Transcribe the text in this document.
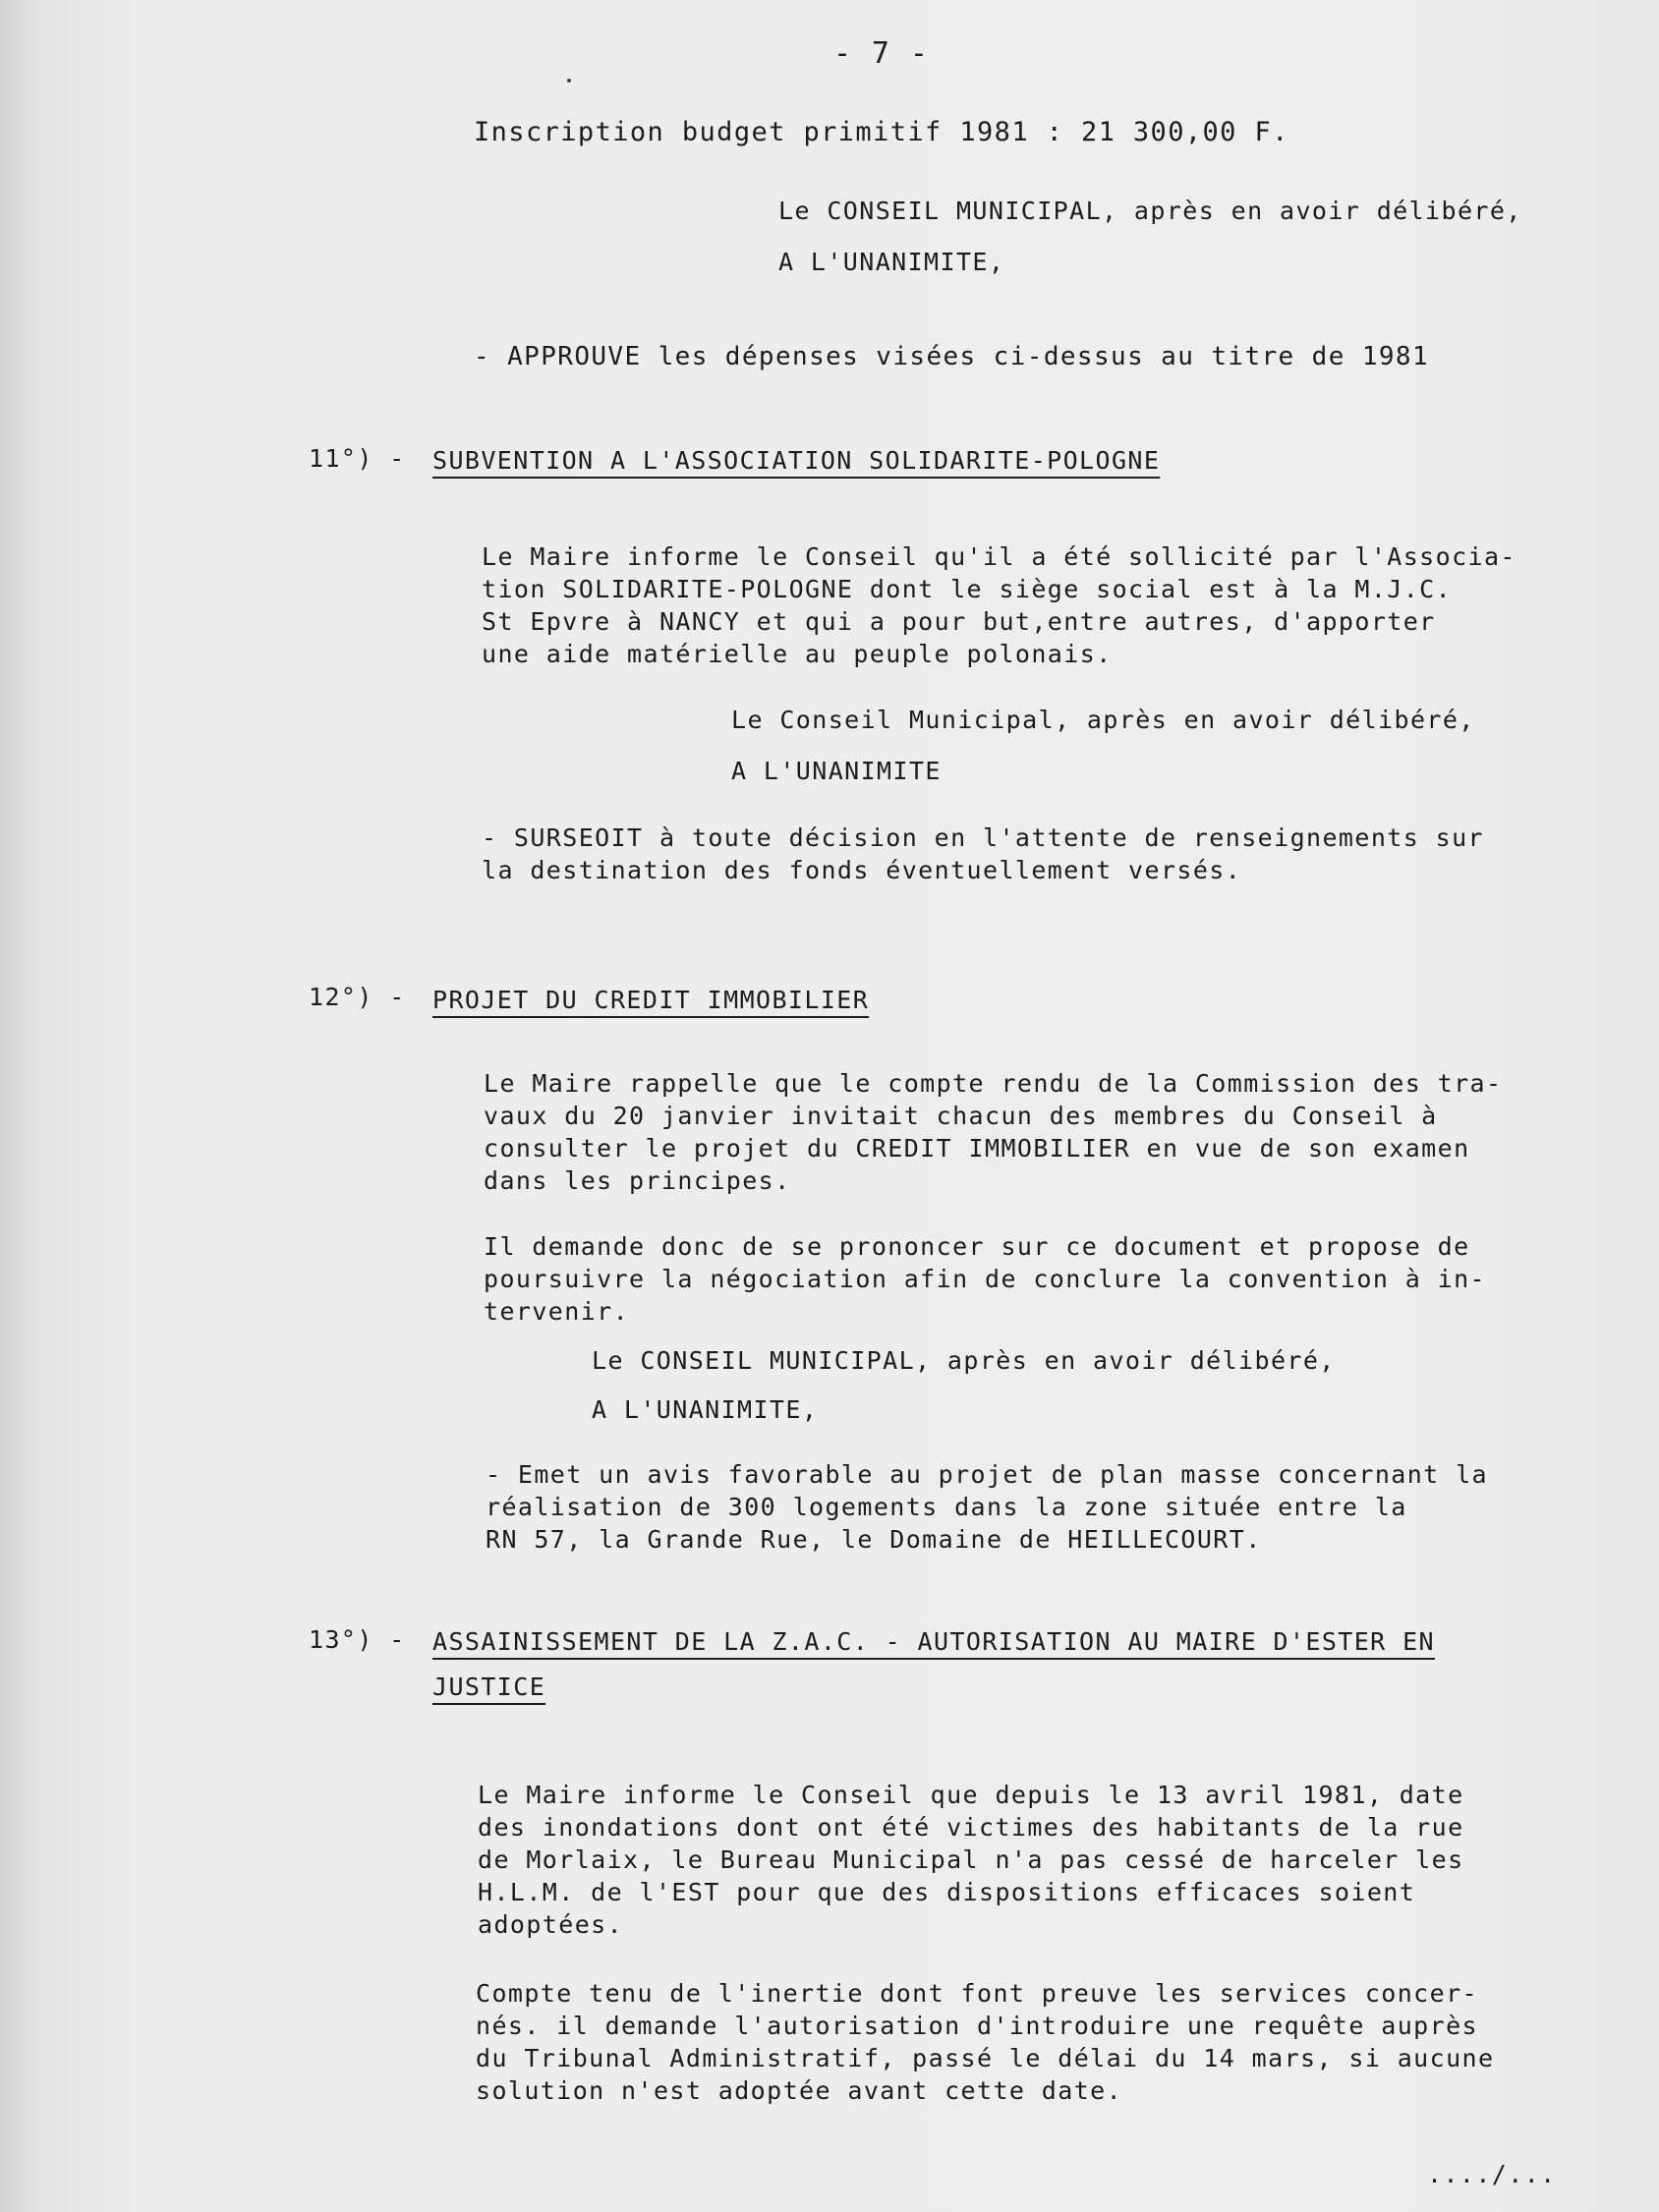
- 7 -
Inscription budget primitif 1981 : 21 300,00 F.
Le CONSEIL MUNICIPAL, après en avoir délibéré,
A L'UNANIMITE,
- APPROUVE les dépenses visées ci-dessus au titre de 1981
11°) - SUBVENTION A L'ASSOCIATION SOLIDARITE-POLOGNE
Le Maire informe le Conseil qu'il a été sollicité par l'Associa-
tion SOLIDARITE-POLOGNE dont le siège social est à la M.J.C.
St Epvre à NANCY et qui a pour but,entre autres, d'apporter
une aide matérielle au peuple polonais.
Le Conseil Municipal, après en avoir délibéré,
A L'UNANIMITE
- SURSEOIT à toute décision en l'attente de renseignements sur
la destination des fonds éventuellement versés.
12°) - PROJET DU CREDIT IMMOBILIER
Le Maire rappelle que le compte rendu de la Commission des tra-
vaux du 20 janvier invitait chacun des membres du Conseil à
consulter le projet du CREDIT IMMOBILIER en vue de son examen
dans les principes.
Il demande donc de se prononcer sur ce document et propose de
poursuivre la négociation afin de conclure la convention à in-
tervenir.
Le CONSEIL MUNICIPAL, après en avoir délibéré,
A L'UNANIMITE,
- Emet un avis favorable au projet de plan masse concernant la
réalisation de 300 logements dans la zone située entre la
RN 57, la Grande Rue, le Domaine de HEILLECOURT.
13°) - ASSAINISSEMENT DE LA Z.A.C. - AUTORISATION AU MAIRE D'ESTER EN
JUSTICE
Le Maire informe le Conseil que depuis le 13 avril 1981, date
des inondations dont ont été victimes des habitants de la rue
de Morlaix, le Bureau Municipal n'a pas cessé de harceler les
H.L.M. de l'EST pour que des dispositions efficaces soient
adoptées.
Compte tenu de l'inertie dont font preuve les services concer-
nés. il demande l'autorisation d'introduire une requête auprès
du Tribunal Administratif, passé le délai du 14 mars, si aucune
solution n'est adoptée avant cette date.
..../...
